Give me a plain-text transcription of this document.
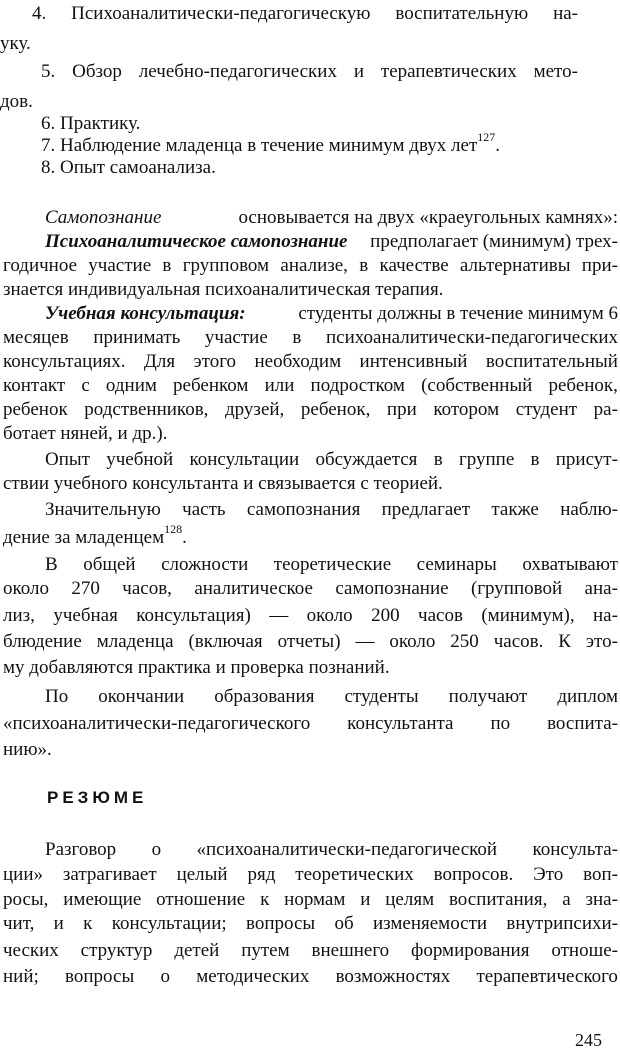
4. Психоаналитически-педагогическую воспитательную на-
уку.
5. Обзор лечебно-педагогических и терапевтических мето-
дов.
6. Практику.
7. Наблюдение младенца в течение минимум двух лет$^{127}$.
8. Опыт самоанализа.
Самопознание	основывается на двух «краеугольных камнях»:
Психоаналитическое самопознание предполагает (минимум) трех-
годичное участие в групповом анализе, в качестве альтернативы при-
знается индивидуальная психоаналитическая терапия.
Учебная консультация:	студенты должны в течение минимум 6
месяцев принимать участие в психоаналитически-педагогических
консультациях. Для этого необходим интенсивный воспитательный
контакт с одним ребенком или подростком (собственный ребенок,
ребенок родственников, друзей, ребенок, при котором студент ра-
ботает няней, и др.).
Опыт учебной консультации обсуждается в группе в присут-
ствии учебного консультанта и связывается с теорией.
Значительную часть самопознания предлагает также наблю-
дение за младенцем$^{128}$.
В общей сложности теоретические семинары охватывают
около 270 часов, аналитическое самопознание (групповой ана-
лиз, учебная консультация) — около 200 часов (минимум), на-
блюдение младенца (включая отчеты) — около 250 часов. К это-
му добавляются практика и проверка познаний.
По окончании образования студенты получают диплом
«психоаналитически-педагогического консультанта по воспита-
нию».
РЕЗЮМЕ
Разговор о «психоаналитически-педагогической консульта-
ции» затрагивает целый ряд теоретических вопросов. Это воп-
росы, имеющие отношение к нормам и целям воспитания, а зна-
чит, и к консультации; вопросы об изменяемости внутрипсихи-
ческих структур детей путем внешнего формирования отноше-
ний; вопросы о методических возможностях терапевтического
245
